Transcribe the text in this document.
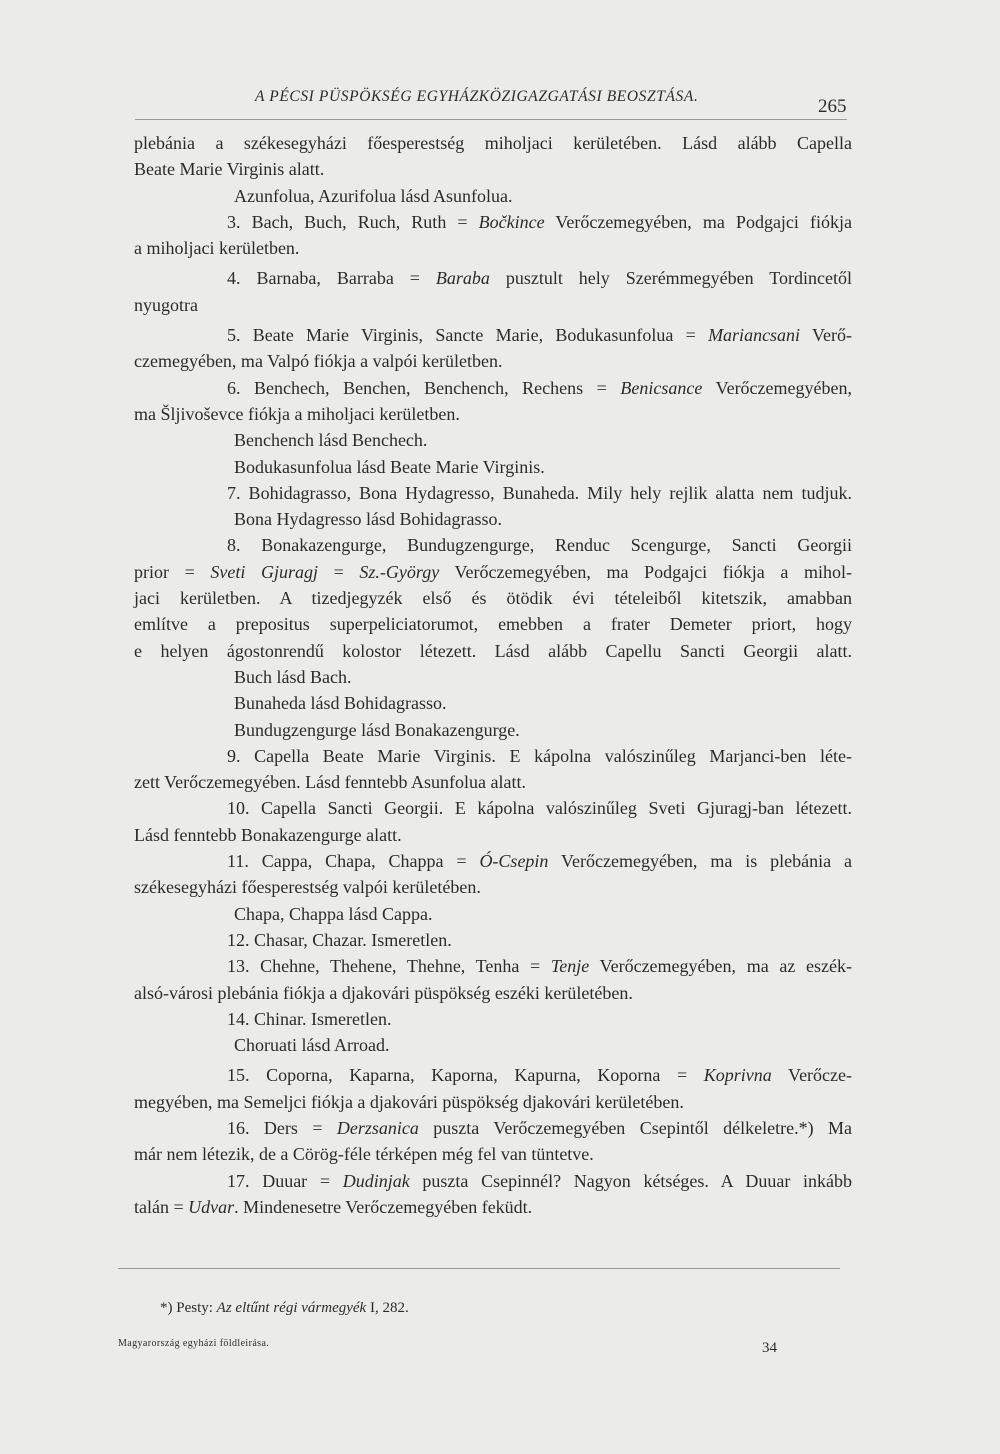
A PÉCSI PÜSPÖKSÉG EGYHÁZKÖZIGAZGATÁSI BEOSZTÁSA.	265
plebánia a székesegyházi főesperestség miholjaci kerületében. Lásd alább Capella
Beate Marie Virginis alatt.
Azunfolua, Azurifolua lásd Asunfolua.
3. Bach, Buch, Ruch, Ruth = Bočkince Verőczemegyében, ma Podgajci fiókja
a miholjaci kerületben.
4. Barnaba, Barraba = Baraba pusztult hely Szerémmegyében Tordincetől
nyugotra
5. Beate Marie Virginis, Sancte Marie, Bodukasunfolua = Mariancsani Verő-
czemegyében, ma Valpó fiókja a valpói kerületben.
6. Benchech, Benchen, Benchench, Rechens = Benicsance Verőczemegyében,
ma Šljivoševce fiókja a miholjaci kerületben.
Benchench lásd Benchech.
Bodukasunfolua lásd Beate Marie Virginis.
7. Bohidagrasso, Bona Hydagresso, Bunaheda. Mily hely rejlik alatta nem tudjuk.
Bona Hydagresso lásd Bohidagrasso.
8. Bonakazengurge, Bundugzengurge, Renduc Scengurge, Sancti Georgii
prior = Sveti Gjuragj = Sz.-György Verőczemegyében, ma Podgajci fiókja a mihol-
jaci kerületben. A tizedjegyzék első és ötödik évi tételeiből kitetszik, amabban
említve a prepositus superpeliciatorumot, emebben a frater Demeter priort, hogy
e helyen ágostonrendű kolostor létezett. Lásd alább Capellu Sancti Georgii alatt.
Buch lásd Bach.
Bunaheda lásd Bohidagrasso.
Bundugzengurge lásd Bonakazengurge.
9. Capella Beate Marie Virginis. E kápolna valószinűleg Marjanci-ben léte-
zett Verőczemegyében. Lásd fenntebb Asunfolua alatt.
10. Capella Sancti Georgii. E kápolna valószinűleg Sveti Gjuragj-ban létezett.
Lásd fenntebb Bonakazengurge alatt.
11. Cappa, Chapa, Chappa = Ó-Csepin Verőczemegyében, ma is plebánia a
székesegyházi főesperestség valpói kerületében.
Chapa, Chappa lásd Cappa.
12. Chasar, Chazar. Ismeretlen.
13. Chehne, Thehene, Thehne, Tenha = Tenje Verőczemegyében, ma az eszék-
alsó-városi plebánia fiókja a djakovári püspökség eszéki kerületében.
14. Chinar. Ismeretlen.
Choruati lásd Arroad.
15. Coporna, Kaparna, Kaporna, Kapurna, Koporna = Koprivna Verőcze-
megyében, ma Semeljci fiókja a djakovári püspökség djakovári kerületében.
16. Ders = Derzsanica puszta Verőczemegyében Csepintől délkeletre.*) Ma
már nem létezik, de a Cörög-féle térképen még fel van tüntetve.
17. Duuar = Dudinjak puszta Csepinnél? Nagyon kétséges. A Duuar inkább
talán = Udvar. Mindenesetre Verőczemegyében feküdt.
*) Pesty: Az eltűnt régi vármegyék I, 282.
Magyarország egyházi földleirása.	34
